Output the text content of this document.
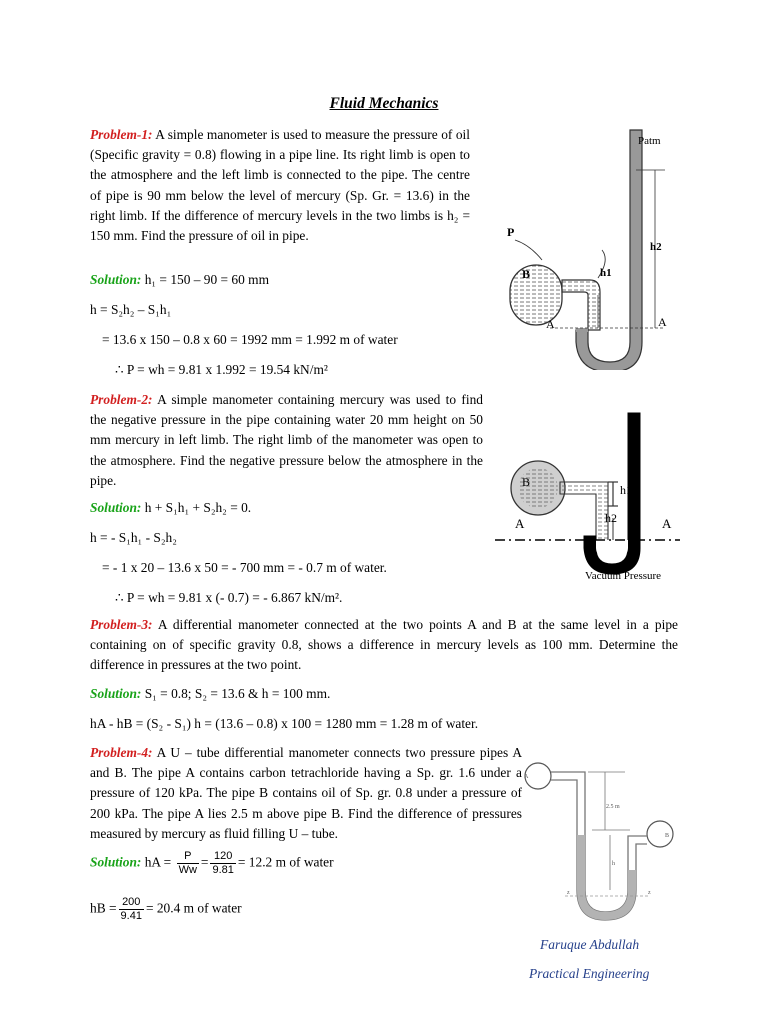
Fluid Mechanics
Problem-1: A simple manometer is used to measure the pressure of oil (Specific gravity = 0.8) flowing in a pipe line. Its right limb is open to the atmosphere and the left limb is connected to the pipe. The centre of pipe is 90 mm below the level of mercury (Sp. Gr. = 13.6) in the right limb. If the difference of mercury levels in the two limbs is h₂ = 150 mm. Find the pressure of oil in pipe.
Solution: h₁ = 150 – 90 = 60 mm
h = S₂h₂ – S₁h₁
= 13.6 x 150 – 0.8 x 60 = 1992 mm = 1.992 m of water
∴ P = wh = 9.81 x 1.992 = 19.54 kN/m²
Patm
P
B	h1
h2
A	A
Problem-2: A simple manometer containing mercury was used to find the negative pressure in the pipe containing water 20 mm height on 50 mm mercury in left limb. The right limb of the manometer was open to the atmosphere. Find the negative pressure below the atmosphere in the pipe.
Solution: h + S₁h₁ + S₂h₂ = 0.
h = - S₁h₁ - S₂h₂
= - 1 x 20 – 13.6 x 50 = - 700 mm = - 0.7 m of water.
∴ P = wh = 9.81 x (- 0.7) = - 6.867 kN/m².
B
h1
h2
A	A
Vacuum Pressure
Problem-3: A differential manometer connected at the two points A and B at the same level in a pipe containing on of specific gravity 0.8, shows a difference in mercury levels as 100 mm. Determine the difference in pressures at the two point.
Solution: S₁ = 0.8; S₂ = 13.6 & h = 100 mm.
hA - hB = (S₂ - S₁) h = (13.6 – 0.8) x 100 = 1280 mm = 1.28 m of water.
Problem-4: A U – tube differential manometer connects two pressure pipes A and B. The pipe A contains carbon tetrachloride having a Sp. gr. 1.6 under a pressure of 120 kPa. The pipe B contains oil of Sp. gr. 0.8 under a pressure of 200 kPa. The pipe A lies 2.5 m above pipe B. Find the difference of pressures measured by mercury as fluid filling U – tube.
Solution: hA = $\frac{P}{Ww} = \frac{120}{9.81} = 12.2$ m of water
hB = $\frac{200}{9.41} = 20.4$ m of water
A
B
2.5 m
h
z	z
Faruque Abdullah
Practical Engineering
